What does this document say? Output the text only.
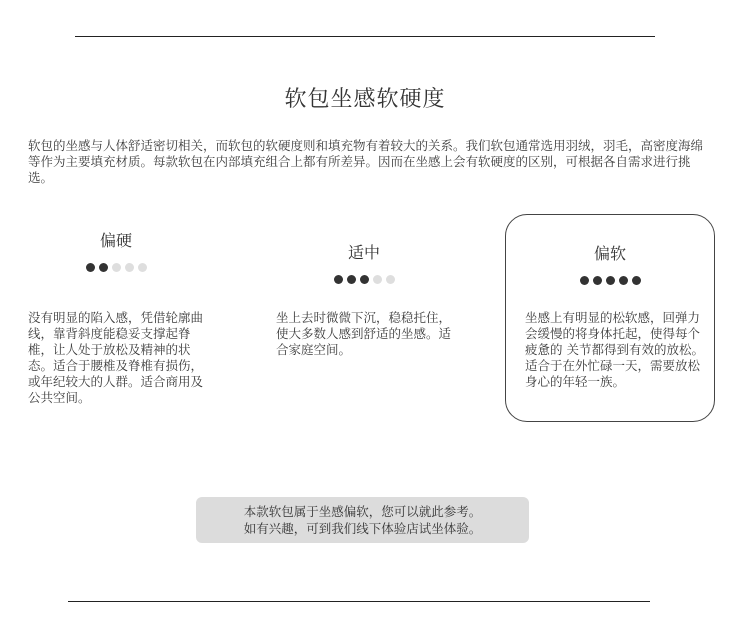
软包坐感软硬度
软包的坐感与人体舒适密切相关，而软包的软硬度则和填充物有着较大的关系。我们软包通常选用羽绒，羽毛，高密度海绵等作为主要填充材质。每款软包在内部填充组合上都有所差异。因而在坐感上会有软硬度的区别，可根据各自需求进行挑选。
偏硬
没有明显的陷入感，凭借轮廓曲线，靠背斜度能稳妥支撑起脊椎，让人处于放松及精神的状态。适合于腰椎及脊椎有损伤，或年纪较大的人群。适合商用及公共空间。
适中
坐上去时微微下沉，稳稳托住，使大多数人感到舒适的坐感。适合家庭空间。
偏软
坐感上有明显的松软感，回弹力会缓慢的将身体托起，使得每个 疲惫的 关节都得到有效的放松。适合于在外忙碌一天，需要放松身心的年轻一族。
本款软包属于坐感偏软，您可以就此参考。
如有兴趣，可到我们线下体验店试坐体验。
